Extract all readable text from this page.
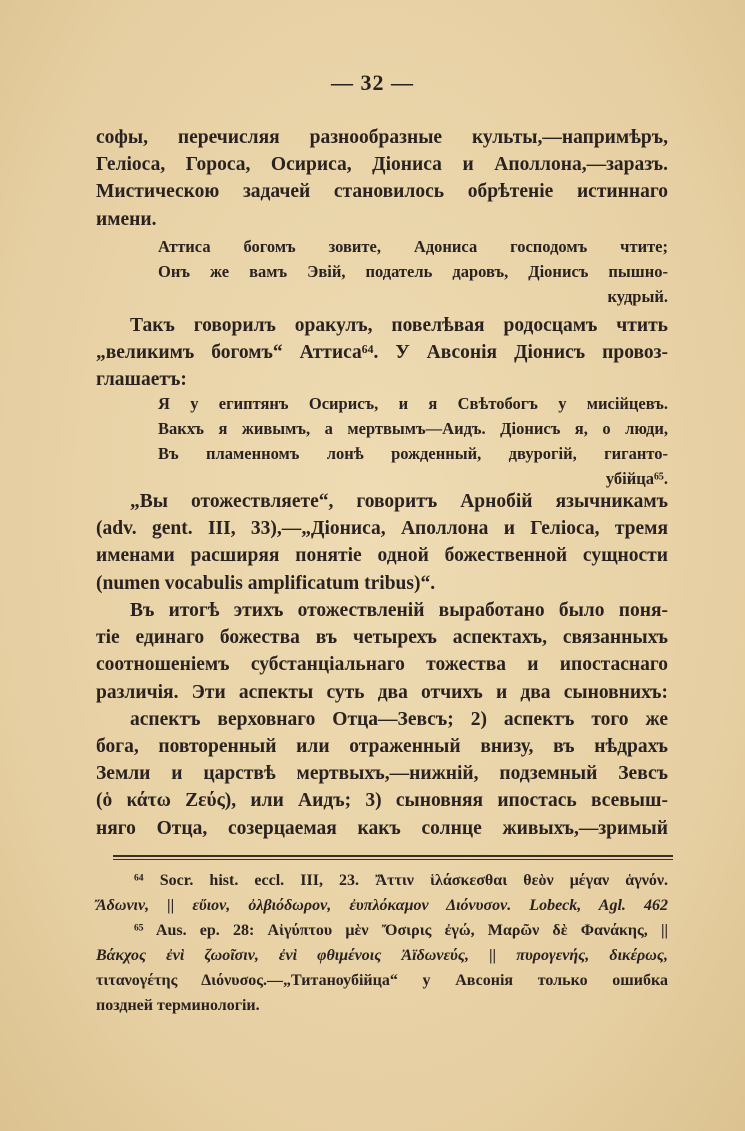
— 32 —
софы, перечисляя разнообразные культы,—напримѣръ,
Геліоса, Гороса, Осириса, Діониса и Аполлона,—заразъ.
Мистическою задачей становилось обрѣтеніе истиннаго
имени.
Аттиса богомъ зовите, Адониса господомъ чтите;
Онъ же вамъ Эвій, податель даровъ, Діонисъ пышно-
кудрый.
Такъ говорилъ оракулъ, повелѣвая родосцамъ чтить
„великимъ богомъ“ Аттиса⁶⁴. У Авсонія Діонисъ провоз-
глашаетъ:
Я у египтянъ Осирисъ, и я Свѣтобогъ у мисійцевъ.
Вакхъ я живымъ, а мертвымъ—Аидъ. Діонисъ я, о люди,
Въ пламенномъ лонѣ рожденный, двурогій, гиганто-
убійца⁶⁵.
„Вы отожествляете“, говоритъ Арнобій язычникамъ
(adv. gent. III, 33),—„Діониса, Аполлона и Геліоса, тремя
именами расширяя понятіе одной божественной сущности
(numen vocabulis amplificatum tribus)“.
Въ итогѣ этихъ отожествленій выработано было поня-
тіе единаго божества въ четырехъ аспектахъ, связанныхъ
соотношеніемъ субстанціальнаго тожества и ипостаснаго
различія. Эти аспекты суть два отчихъ и два сыновнихъ:
аспектъ верховнаго Отца—Зевсъ; 2) аспектъ того же
бога, повторенный или отраженный внизу, въ нѣдрахъ
Земли и царствѣ мертвыхъ,—нижній, подземный Зевсъ
(ὁ κάτω Ζεύς), или Аидъ; 3) сыновняя ипостась всевыш-
няго Отца, созерцаемая какъ солнце живыхъ,—зримый
⁶⁴ Socr. hist. eccl. III, 23. Ἄττιν ἱλάσκεσθαι θεὸν μέγαν ἁγνόν.
Ἄδωνιν, || εὔιον, ὀλβιόδωρον, ἐυπλόκαμον Διόνυσον. Lobeck, Agl. 462
⁶⁵ Aus. ep. 28: Αἰγύπτου μὲν Ὄσιρις ἐγώ, Μαρῶν δὲ Φανάκης, ||
Βάκχος ἐνὶ ζωοῖσιν, ἐνὶ φθιμένοις Ἀϊδωνεύς, || πυρογενής, δικέρως,
τιτανογέτης Διόνυσος.—„Титаноубійца“ у Авсонія только ошибка
поздней терминологіи.
